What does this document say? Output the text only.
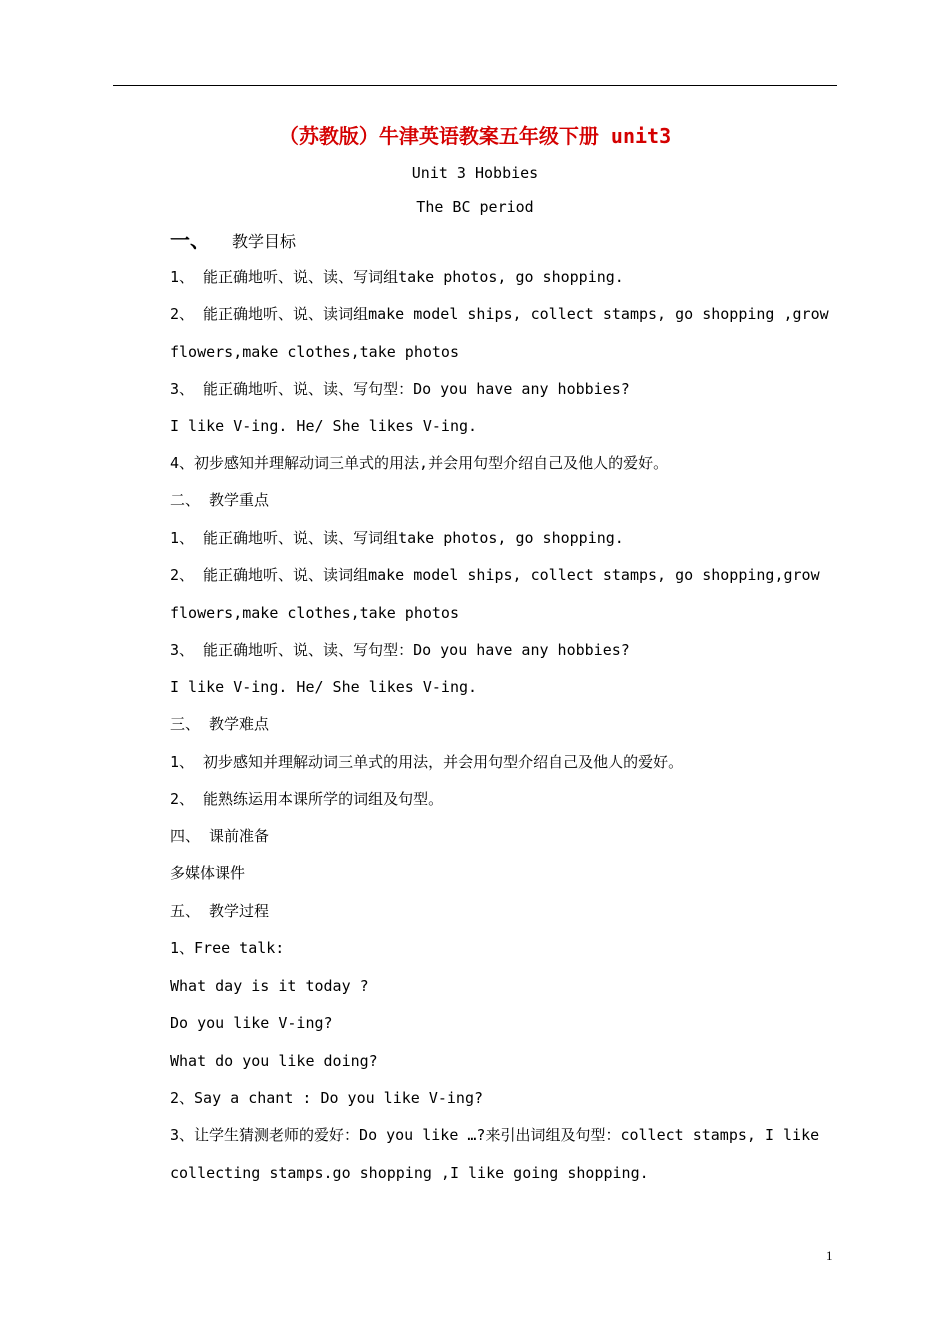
（苏教版）牛津英语教案五年级下册 unit3
Unit 3 Hobbies
The BC period
一、 教学目标
1、 能正确地听、说、读、写词组take photos, go shopping.
2、 能正确地听、说、读词组make model ships, collect stamps, go shopping ,grow
flowers,make clothes,take photos
3、 能正确地听、说、读、写句型：Do you have any hobbies?
I like V-ing. He/ She likes V-ing.
4、初步感知并理解动词三单式的用法,并会用句型介绍自己及他人的爱好。
二、 教学重点
1、 能正确地听、说、读、写词组take photos, go shopping.
2、 能正确地听、说、读词组make model ships, collect stamps, go shopping,grow
flowers,make clothes,take photos
3、 能正确地听、说、读、写句型：Do you have any hobbies?
I like V-ing. He/ She likes V-ing.
三、 教学难点
1、 初步感知并理解动词三单式的用法，并会用句型介绍自己及他人的爱好。
2、 能熟练运用本课所学的词组及句型。
四、 课前准备
多媒体课件
五、 教学过程
1、Free talk:
What day is it today ?
Do you like V-ing?
What do you like doing?
2、Say a chant : Do you like V-ing?
3、让学生猜测老师的爱好：Do you like …?来引出词组及句型：collect stamps, I like
collecting stamps.go shopping ,I like going shopping.
1
